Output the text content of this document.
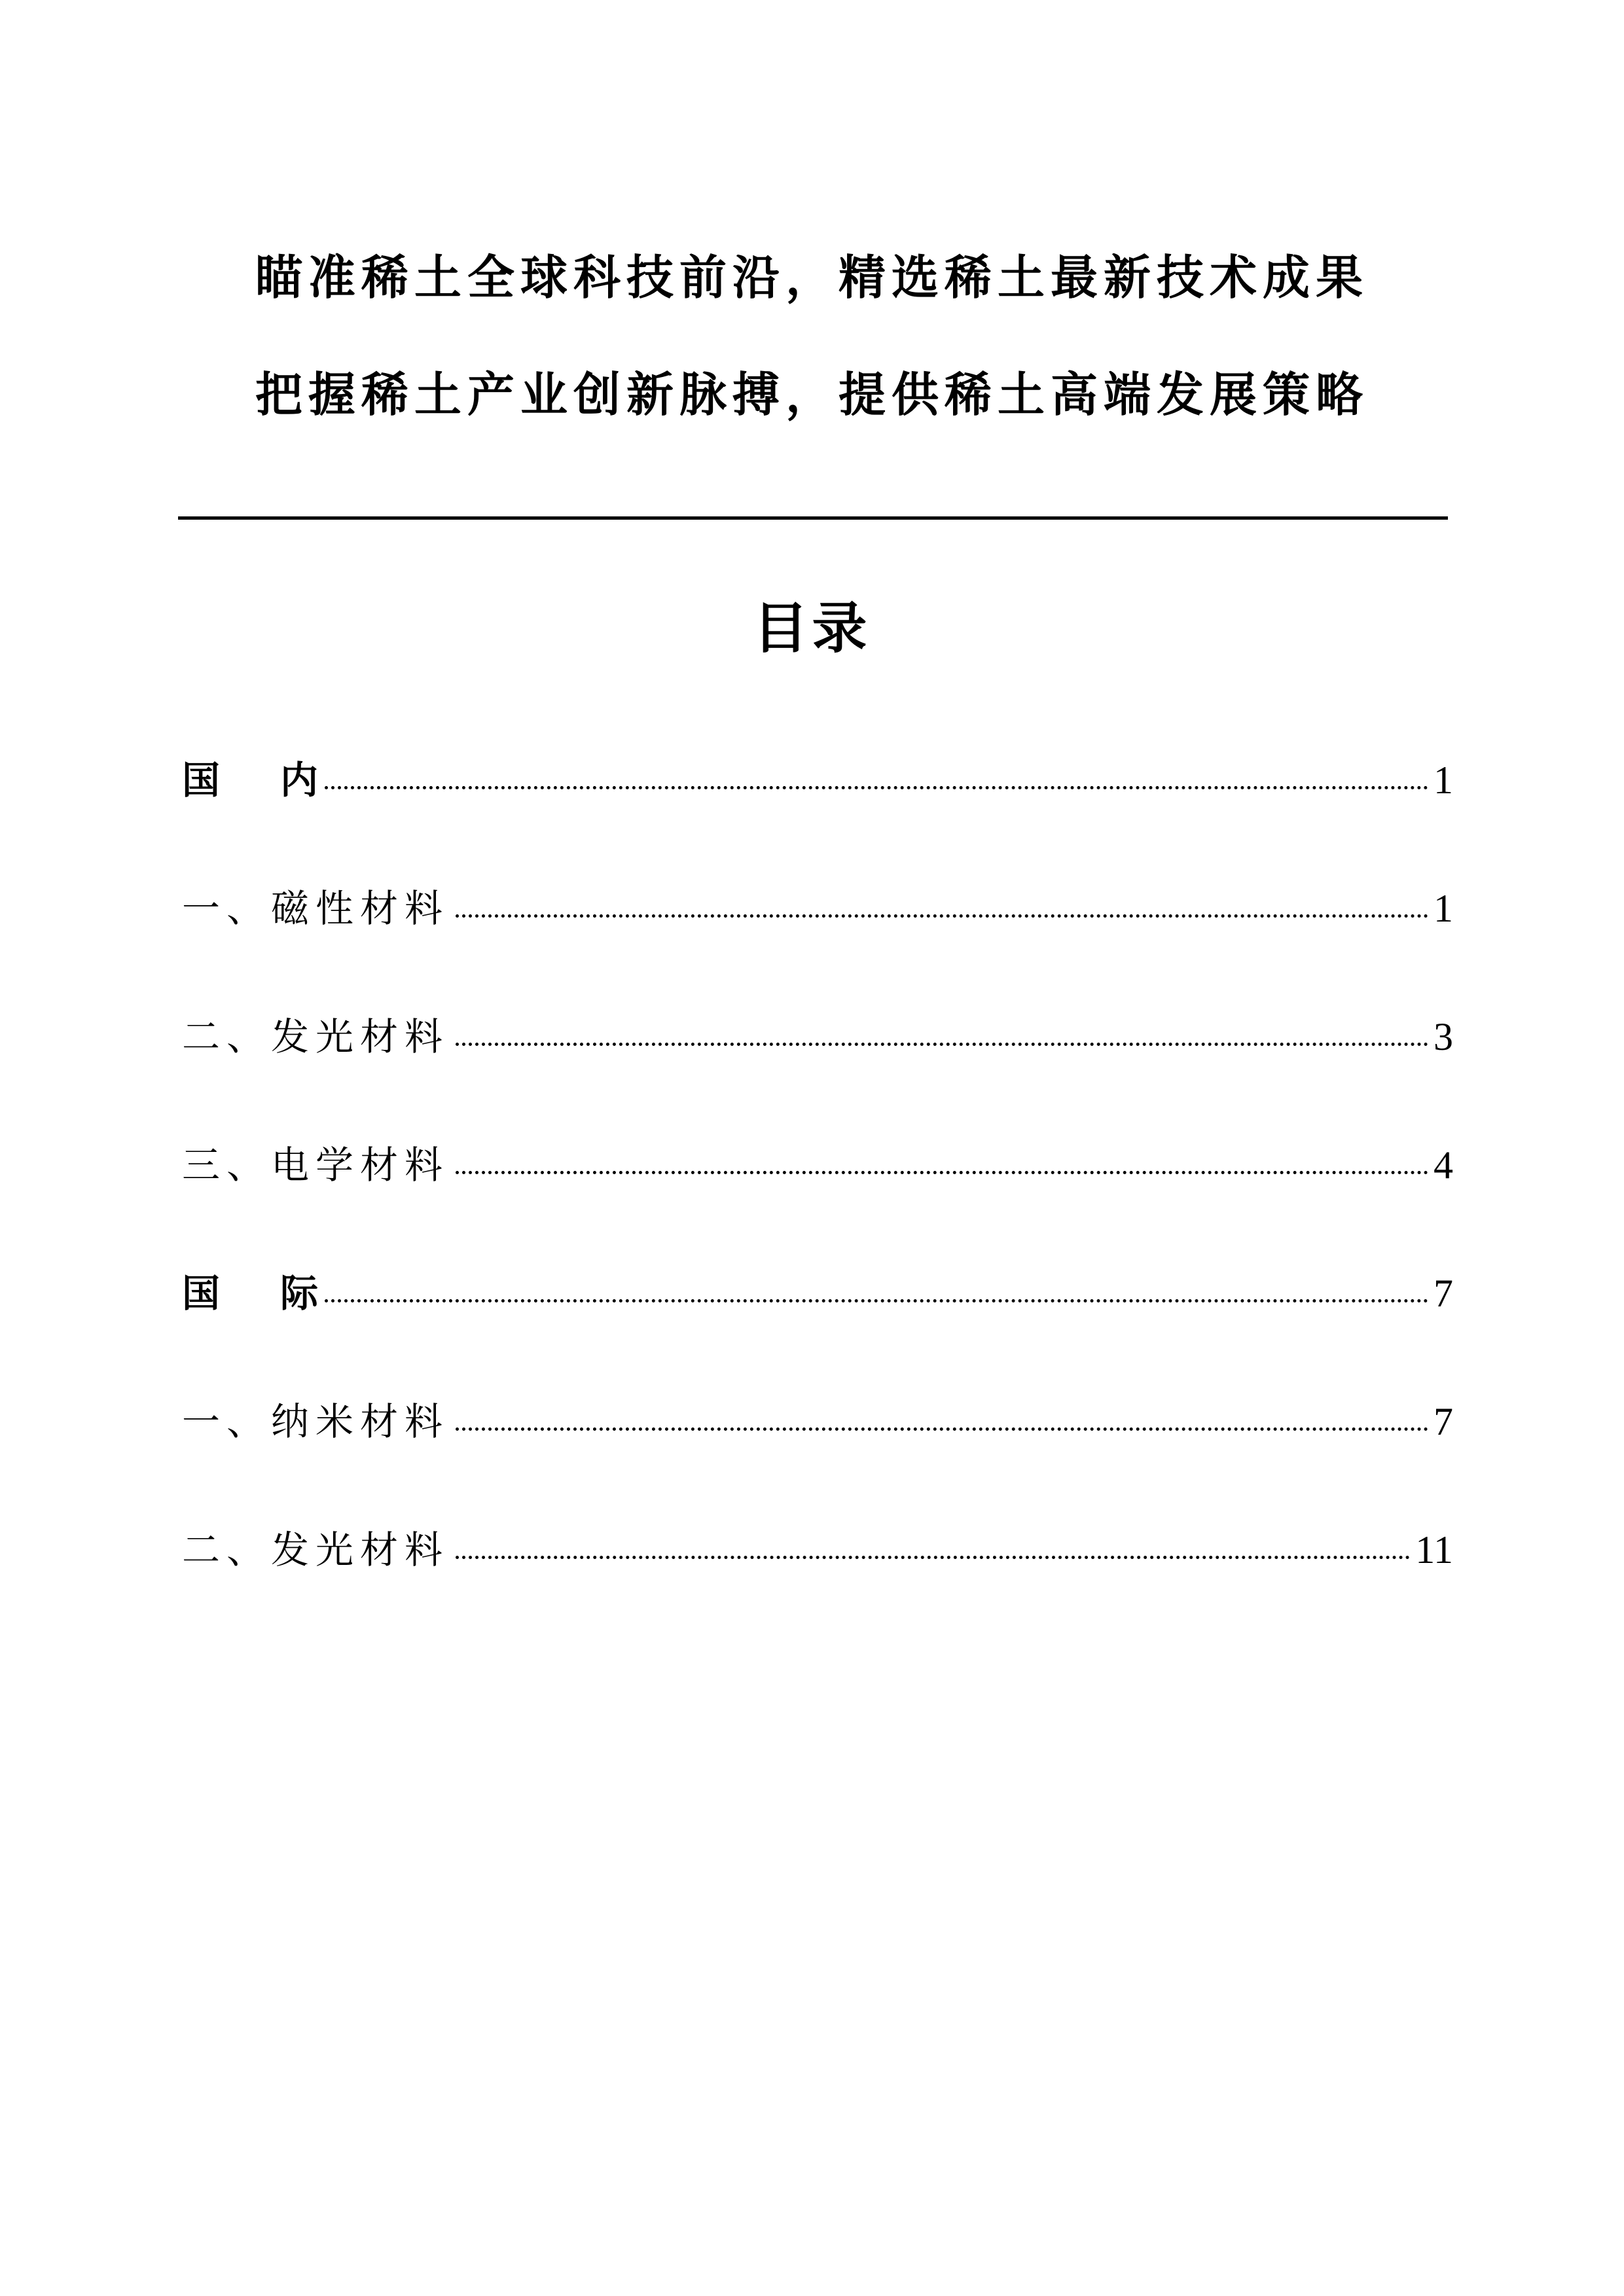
瞄准稀土全球科技前沿，精选稀土最新技术成果
把握稀土产业创新脉搏，提供稀土高端发展策略
目录
国内	1
一、磁性材料	1
二、发光材料	3
三、电学材料	4
国际	7
一、纳米材料	7
二、发光材料	11
